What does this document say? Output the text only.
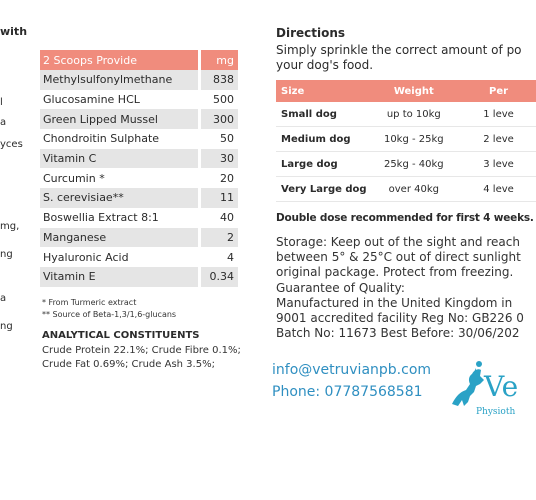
with
l
a
yces
mg,
ng
a
ng
2 Scoops Provide	mg
Methylsulfonylmethane	838
Glucosamine HCL	500
Green Lipped Mussel	300
Chondroitin Sulphate	50
Vitamin C	30
Curcumin *	20
S. cerevisiae**	11
Boswellia Extract 8:1	40
Manganese	2
Hyaluronic Acid	4
Vitamin E	0.34
* From Turmeric extract
** Source of Beta-1,3/1,6-glucans
ANALYTICAL CONSTITUENTS
Crude Protein 22.1%; Crude Fibre 0.1%; Crude Fat 0.69%; Crude Ash 3.5%;
Directions
Simply sprinkle the correct amount of po
your dog's food.
Size	Weight	Per
Small dog	up to 10kg	1 leve
Medium dog	10kg - 25kg	2 leve
Large dog	25kg - 40kg	3 leve
Very Large dog	over 40kg	4 leve
Double dose recommended for first 4 weeks.
Storage: Keep out of the sight and reach
between 5° & 25°C out of direct sunlight
original package. Protect from freezing.
Guarantee of Quality:
Manufactured in the United Kingdom in
9001 accredited facility Reg No: GB226 0
Batch No: 11673 Best Before: 30/06/202
info@vetruvianpb.com
Phone: 07787568581 Ve
Physioth
